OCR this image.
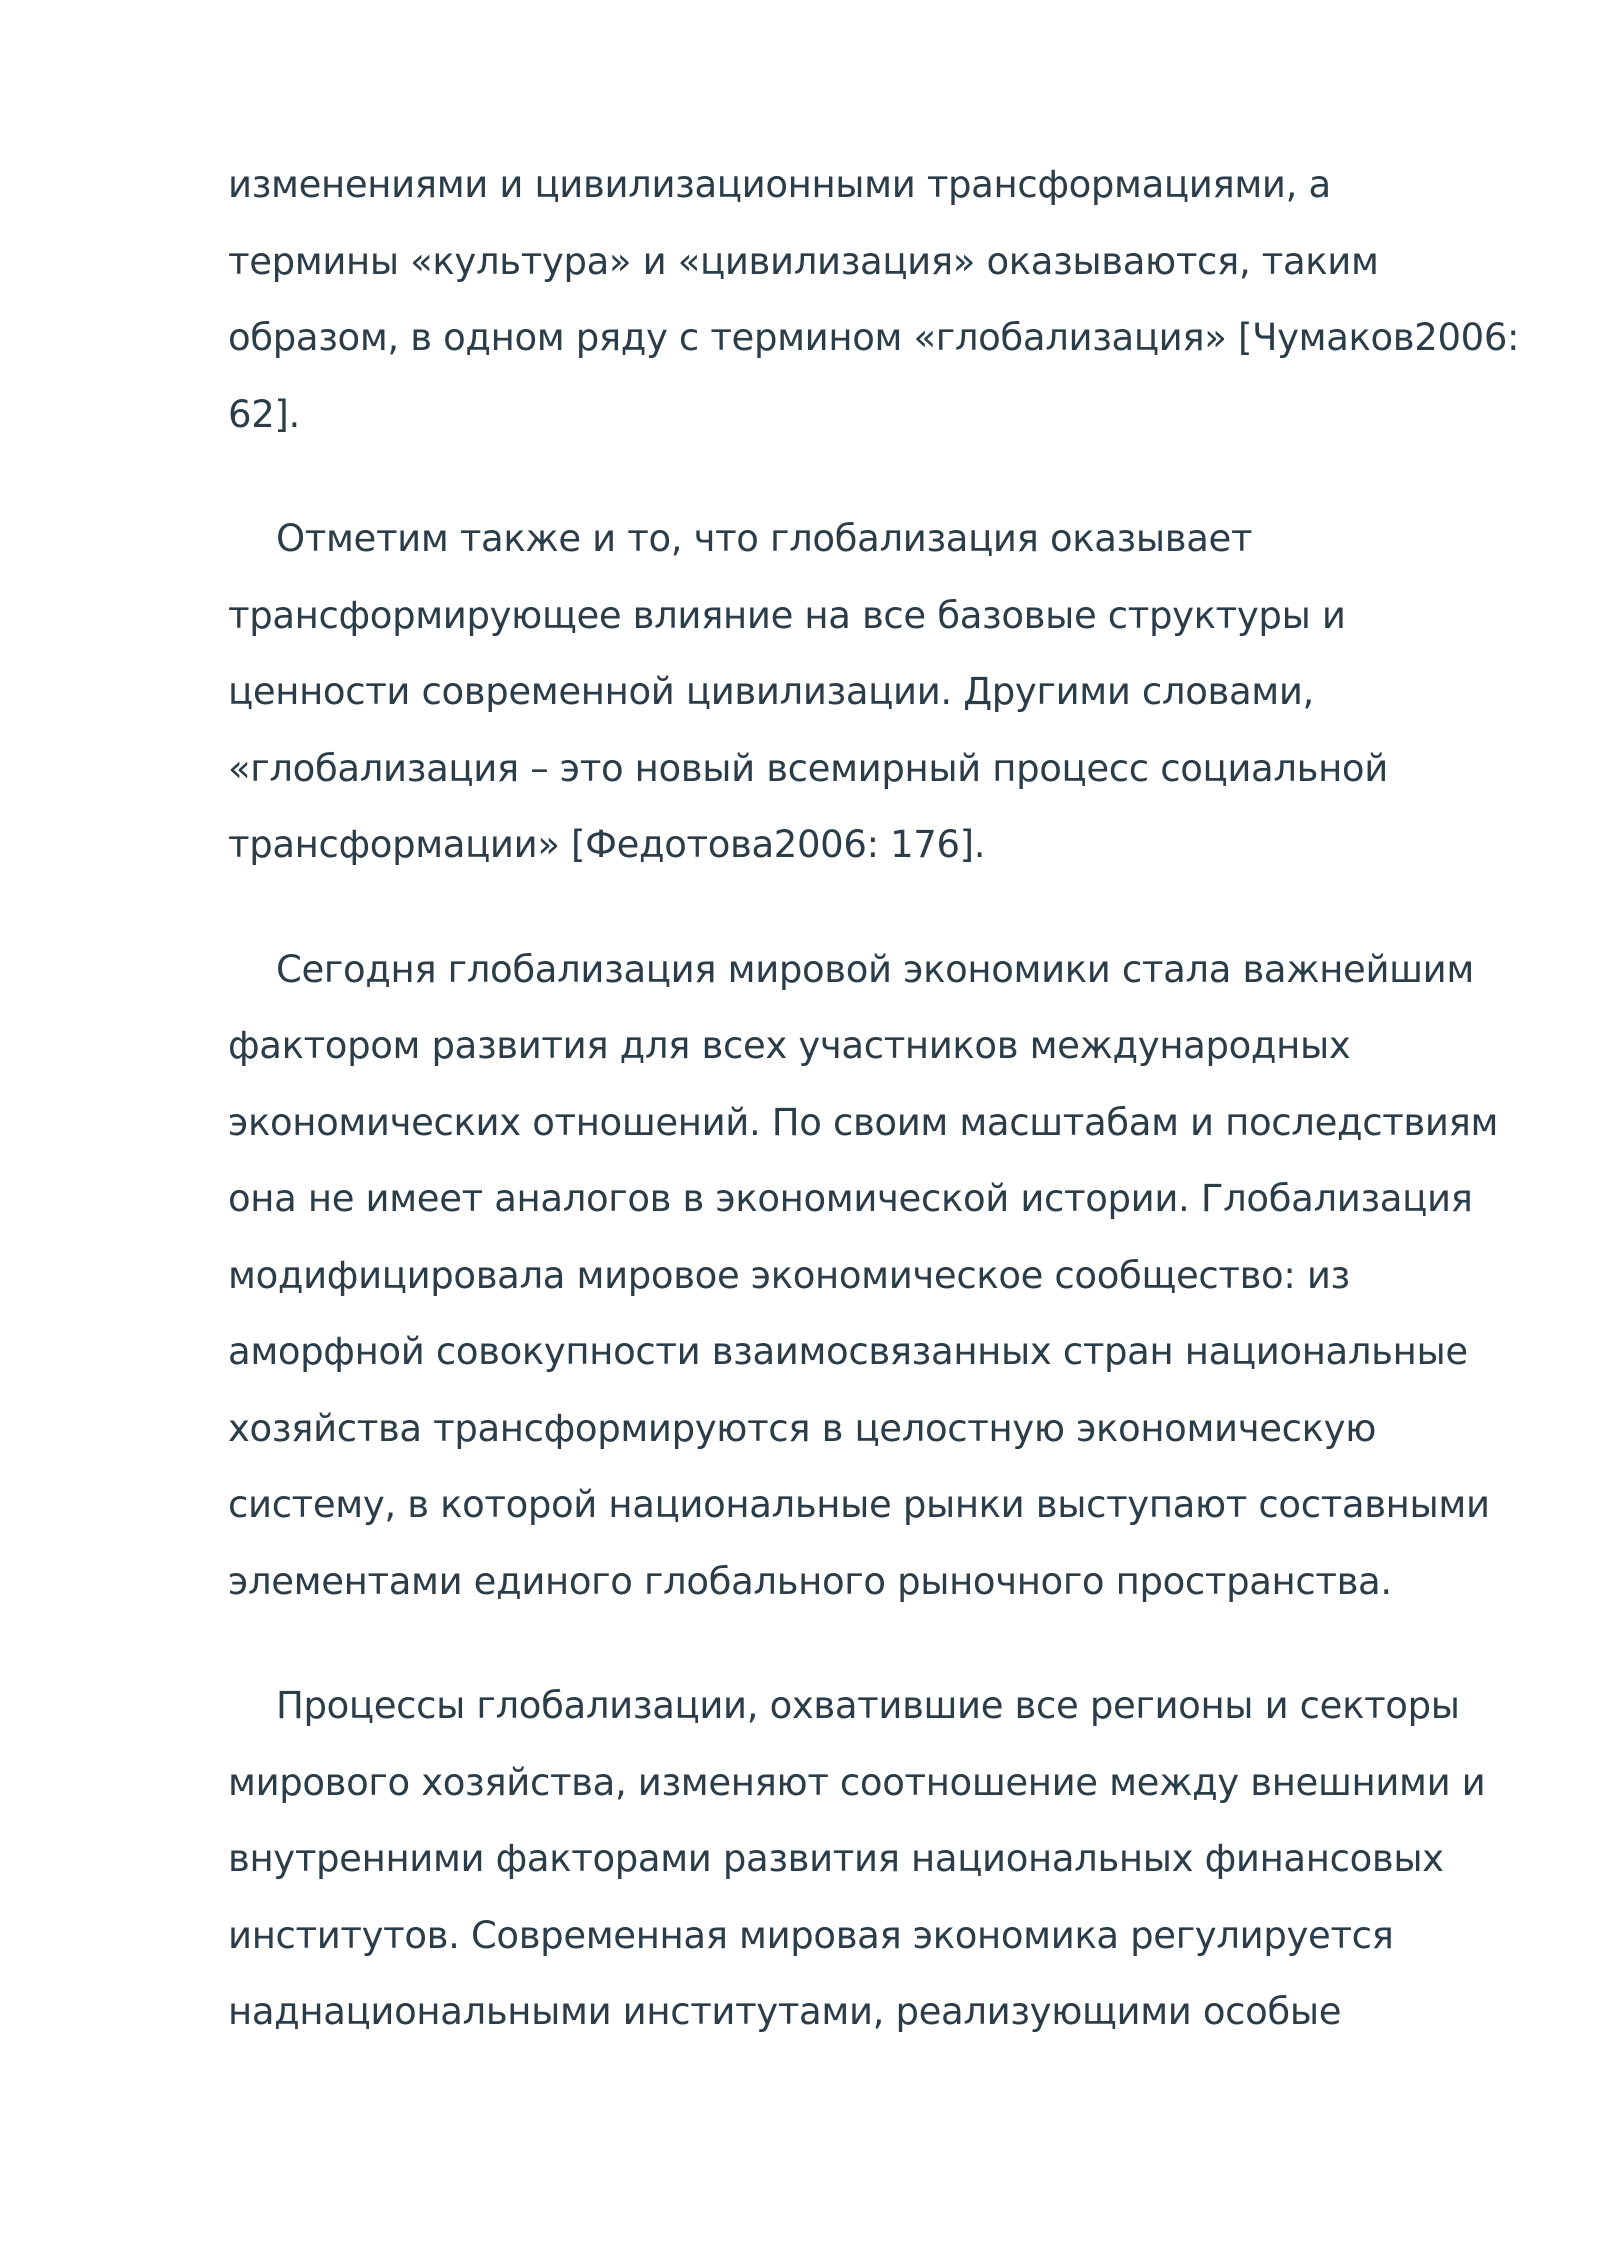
изменениями и цивилизационными трансформациями, а
термины «культура» и «цивилизация» оказываются, таким
образом, в одном ряду с термином «глобализация» [Чумаков2006:
62].

Отметим также и то, что глобализация оказывает
трансформирующее влияние на все базовые структуры и
ценности современной цивилизации. Другими словами,
«глобализация – это новый всемирный процесс социальной
трансформации» [Федотова2006: 176].

Сегодня глобализация мировой экономики стала важнейшим
фактором развития для всех участников международных
экономических отношений. По своим масштабам и последствиям
она не имеет аналогов в экономической истории. Глобализация
модифицировала мировое экономическое сообщество: из
аморфной совокупности взаимосвязанных стран национальные
хозяйства трансформируются в целостную экономическую
систему, в которой национальные рынки выступают составными
элементами единого глобального рыночного пространства.

Процессы глобализации, охватившие все регионы и секторы
мирового хозяйства, изменяют соотношение между внешними и
внутренними факторами развития национальных финансовых
институтов. Современная мировая экономика регулируется
наднациональными институтами, реализующими особые
